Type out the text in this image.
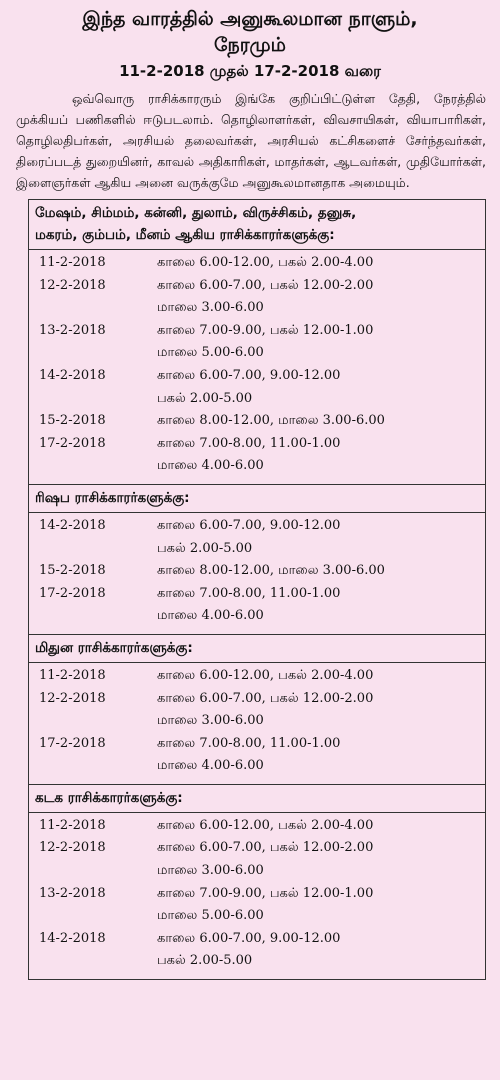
இந்த வாரத்தில் அனுகூலமான நாளும்,
நேரமும்
11-2-2018 முதல் 17-2-2018 வரை
ஒவ்வொரு ராசிக்காரரும் இங்கே குறிப்பிட்டுள்ள தேதி, நேரத்தில் முக்கியப் பணிகளில் ஈடுபடலாம். தொழிலாளர்கள், விவசாயிகள், வியாபாரிகள், தொழிலதிபர்கள், அரசியல் தலைவர்கள், அரசியல் கட்சிகளைச் சேர்ந்தவர்கள், திரைப்படத் துறையினர், காவல் அதிகாரிகள், மாதர்கள், ஆடவர்கள், முதியோர்கள், இளைஞர்கள் ஆகிய அனை வருக்குமே அனுகூலமானதாக அமையும்.
மேஷம், சிம்மம், கன்னி, துலாம், விருச்சிகம், தனுசு,
மகரம், கும்பம், மீனம் ஆகிய ராசிக்காரர்களுக்கு:
11-2-2018	காலை 6.00-12.00, பகல் 2.00-4.00
12-2-2018	காலை 6.00-7.00, பகல் 12.00-2.00
மாலை 3.00-6.00
13-2-2018	காலை 7.00-9.00, பகல் 12.00-1.00
மாலை 5.00-6.00
14-2-2018	காலை 6.00-7.00, 9.00-12.00
பகல் 2.00-5.00
15-2-2018	காலை 8.00-12.00, மாலை 3.00-6.00
17-2-2018	காலை 7.00-8.00, 11.00-1.00
மாலை 4.00-6.00
ரிஷப ராசிக்காரர்களுக்கு:
14-2-2018	காலை 6.00-7.00, 9.00-12.00
பகல் 2.00-5.00
15-2-2018	காலை 8.00-12.00, மாலை 3.00-6.00
17-2-2018	காலை 7.00-8.00, 11.00-1.00
மாலை 4.00-6.00
மிதுன ராசிக்காரர்களுக்கு:
11-2-2018	காலை 6.00-12.00, பகல் 2.00-4.00
12-2-2018	காலை 6.00-7.00, பகல் 12.00-2.00
மாலை 3.00-6.00
17-2-2018	காலை 7.00-8.00, 11.00-1.00
மாலை 4.00-6.00
கடக ராசிக்காரர்களுக்கு:
11-2-2018	காலை 6.00-12.00, பகல் 2.00-4.00
12-2-2018	காலை 6.00-7.00, பகல் 12.00-2.00
மாலை 3.00-6.00
13-2-2018	காலை 7.00-9.00, பகல் 12.00-1.00
மாலை 5.00-6.00
14-2-2018	காலை 6.00-7.00, 9.00-12.00
பகல் 2.00-5.00
